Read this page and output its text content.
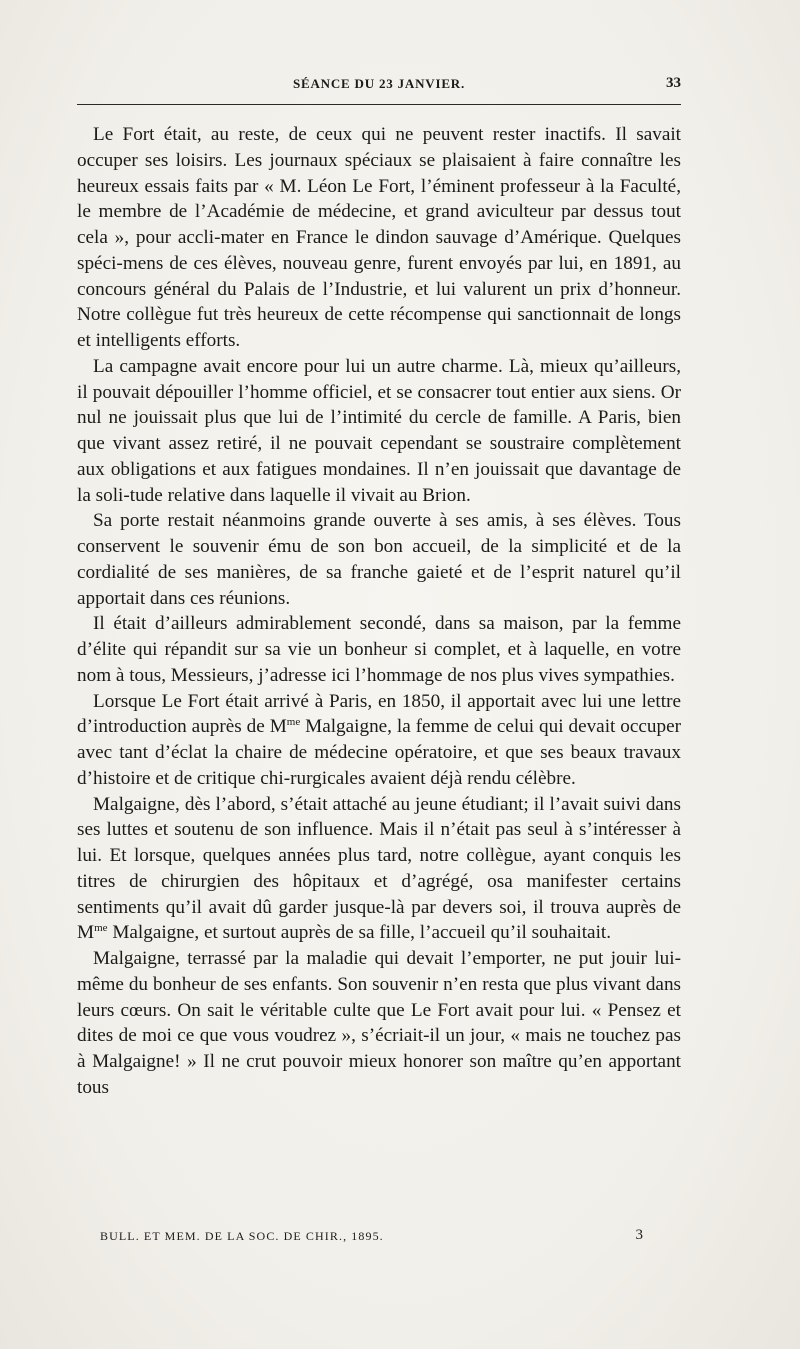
SÉANCE DU 23 JANVIER.	33

Le Fort était, au reste, de ceux qui ne peuvent rester inactifs. Il savait occuper ses loisirs. Les journaux spéciaux se plaisaient à faire connaître les heureux essais faits par « M. Léon Le Fort, l’éminent professeur à la Faculté, le membre de l’Académie de médecine, et grand aviculteur par dessus tout cela », pour accli-mater en France le dindon sauvage d’Amérique. Quelques spéci-mens de ces élèves, nouveau genre, furent envoyés par lui, en 1891, au concours général du Palais de l’Industrie, et lui valurent un prix d’honneur. Notre collègue fut très heureux de cette récompense qui sanctionnait de longs et intelligents efforts.

La campagne avait encore pour lui un autre charme. Là, mieux qu’ailleurs, il pouvait dépouiller l’homme officiel, et se consacrer tout entier aux siens. Or nul ne jouissait plus que lui de l’intimité du cercle de famille. A Paris, bien que vivant assez retiré, il ne pouvait cependant se soustraire complètement aux obligations et aux fatigues mondaines. Il n’en jouissait que davantage de la soli-tude relative dans laquelle il vivait au Brion.

Sa porte restait néanmoins grande ouverte à ses amis, à ses élèves. Tous conservent le souvenir ému de son bon accueil, de la simplicité et de la cordialité de ses manières, de sa franche gaieté et de l’esprit naturel qu’il apportait dans ces réunions.

Il était d’ailleurs admirablement secondé, dans sa maison, par la femme d’élite qui répandit sur sa vie un bonheur si complet, et à laquelle, en votre nom à tous, Messieurs, j’adresse ici l’hommage de nos plus vives sympathies.

Lorsque Le Fort était arrivé à Paris, en 1850, il apportait avec lui une lettre d’introduction auprès de $M^{me}$ Malgaigne, la femme de celui qui devait occuper avec tant d’éclat la chaire de médecine opératoire, et que ses beaux travaux d’histoire et de critique chi-rurgicales avaient déjà rendu célèbre.

Malgaigne, dès l’abord, s’était attaché au jeune étudiant; il l’avait suivi dans ses luttes et soutenu de son influence. Mais il n’était pas seul à s’intéresser à lui. Et lorsque, quelques années plus tard, notre collègue, ayant conquis les titres de chirurgien des hôpitaux et d’agrégé, osa manifester certains sentiments qu’il avait dû garder jusque-là par devers soi, il trouva auprès de $M^{me}$ Malgaigne, et surtout auprès de sa fille, l’accueil qu’il souhaitait.

Malgaigne, terrassé par la maladie qui devait l’emporter, ne put jouir lui-même du bonheur de ses enfants. Son souvenir n’en resta que plus vivant dans leurs cœurs. On sait le véritable culte que Le Fort avait pour lui. « Pensez et dites de moi ce que vous voudrez », s’écriait-il un jour, « mais ne touchez pas à Malgaigne! » Il ne crut pouvoir mieux honorer son maître qu’en apportant tous

BULL. ET MEM. DE LA SOC. DE CHIR., 1895.	3
